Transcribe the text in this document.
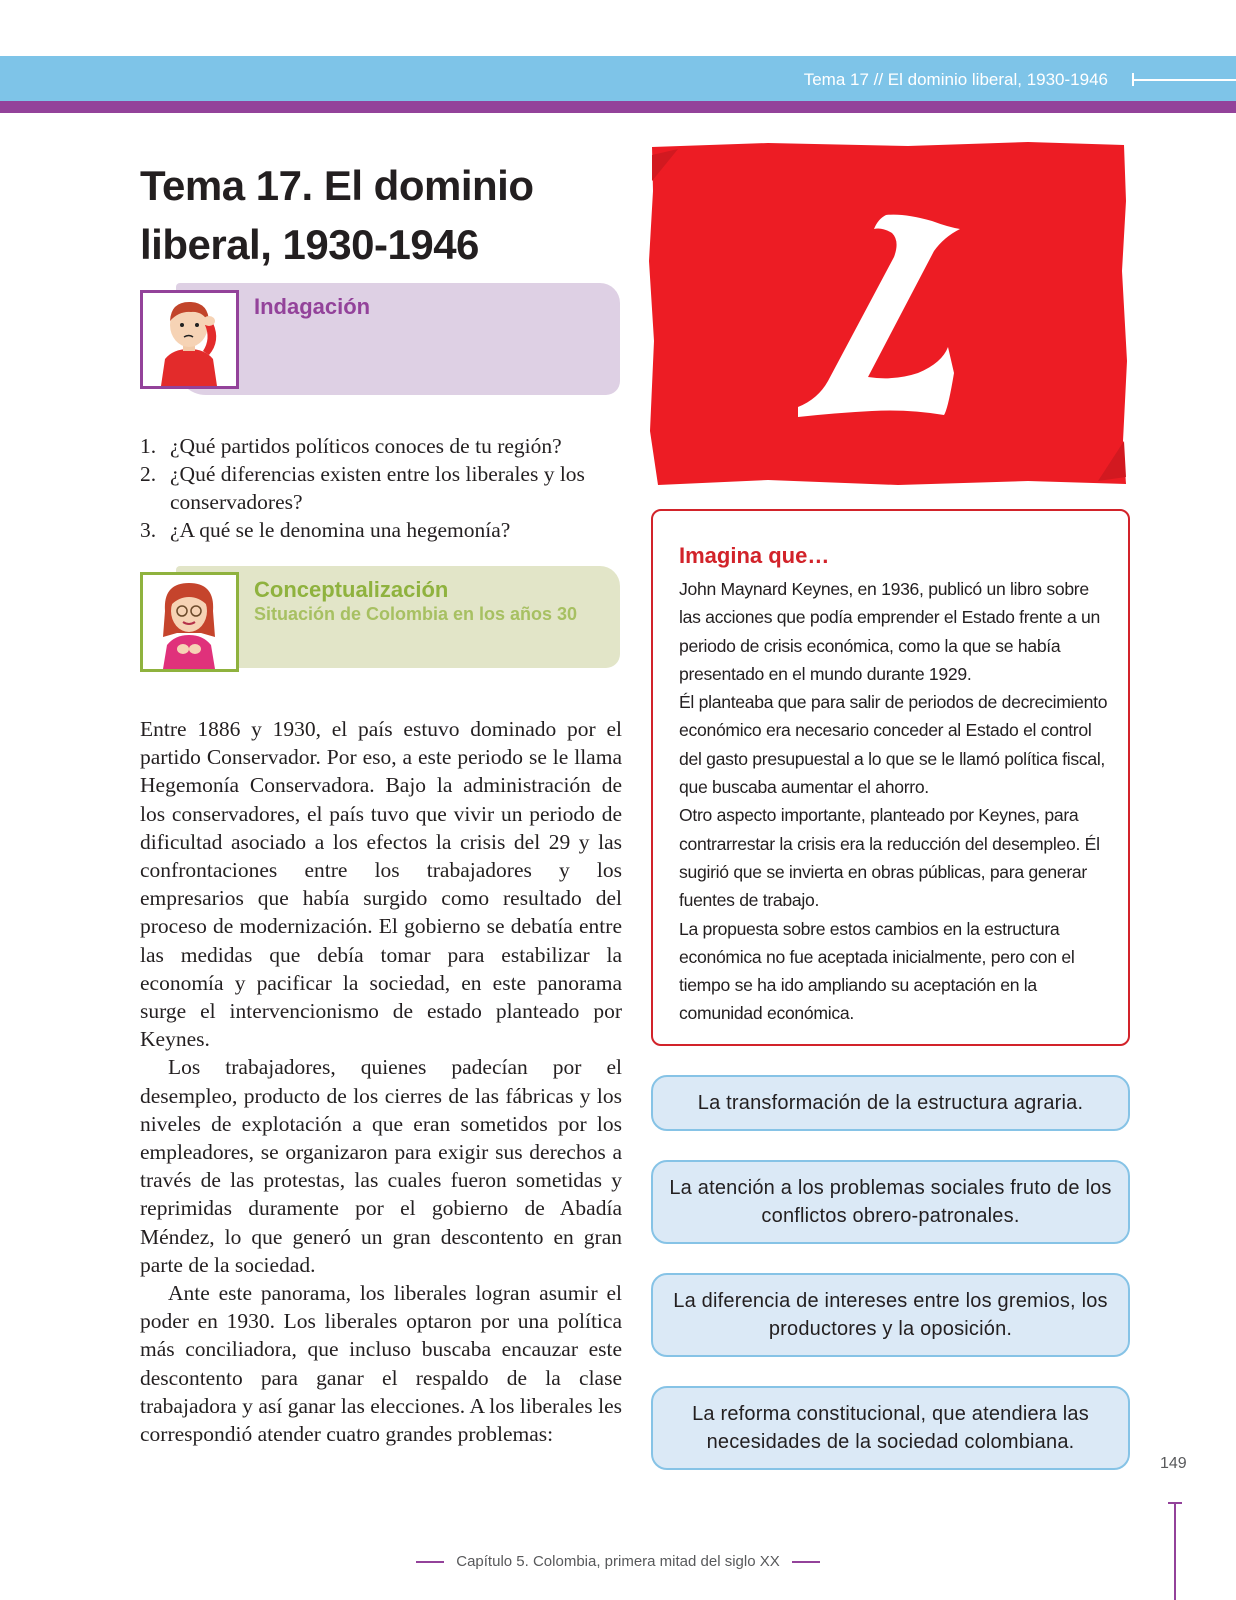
Tema 17 // El dominio liberal, 1930-1946
Tema 17. El dominio liberal, 1930-1946
Indagación
1. ¿Qué partidos políticos conoces de tu región?
2. ¿Qué diferencias existen entre los liberales y los conservadores?
3. ¿A qué se le denomina una hegemonía?
Conceptualización
Situación de Colombia en los años 30

Entre 1886 y 1930, el país estuvo dominado por el partido Conservador. Por eso, a este periodo se le llama Hegemonía Conservadora. Bajo la administración de los conservadores, el país tuvo que vivir un periodo de dificultad asociado a los efectos la crisis del 29 y las confrontaciones entre los trabajadores y los empresarios que había surgido como resultado del proceso de modernización. El gobierno se debatía entre las medidas que debía tomar para estabilizar la economía y pacificar la sociedad, en este panorama surge el intervencionismo de estado planteado por Keynes.

Los trabajadores, quienes padecían por el desempleo, producto de los cierres de las fábricas y los niveles de explotación a que eran sometidos por los empleadores, se organizaron para exigir sus derechos a través de las protestas, las cuales fueron sometidas y reprimidas duramente por el gobierno de Abadía Méndez, lo que generó un gran descontento en gran parte de la sociedad.

Ante este panorama, los liberales logran asumir el poder en 1930. Los liberales optaron por una política más conciliadora, que incluso buscaba encauzar este descontento para ganar el respaldo de la clase trabajadora y así ganar las elecciones. A los liberales les correspondió atender cuatro grandes problemas:

Imagina que…

John Maynard Keynes, en 1936, publicó un libro sobre las acciones que podía emprender el Estado frente a un periodo de crisis económica, como la que se había presentado en el mundo durante 1929.

Él planteaba que para salir de periodos de decrecimiento económico era necesario conceder al Estado el control del gasto presupuestal a lo que se le llamó política fiscal, que buscaba aumentar el ahorro.

Otro aspecto importante, planteado por Keynes, para contrarrestar la crisis era la reducción del desempleo. Él sugirió que se invierta en obras públicas, para generar fuentes de trabajo.

La propuesta sobre estos cambios en la estructura económica no fue aceptada inicialmente, pero con el tiempo se ha ido ampliando su aceptación en la comunidad económica.

La transformación de la estructura agraria.
La atención a los problemas sociales fruto de los conflictos obrero-patronales.
La diferencia de intereses entre los gremios, los productores y la oposición.
La reforma constitucional, que atendiera las necesidades de la sociedad colombiana.
149
Capítulo 5. Colombia, primera mitad del siglo XX
